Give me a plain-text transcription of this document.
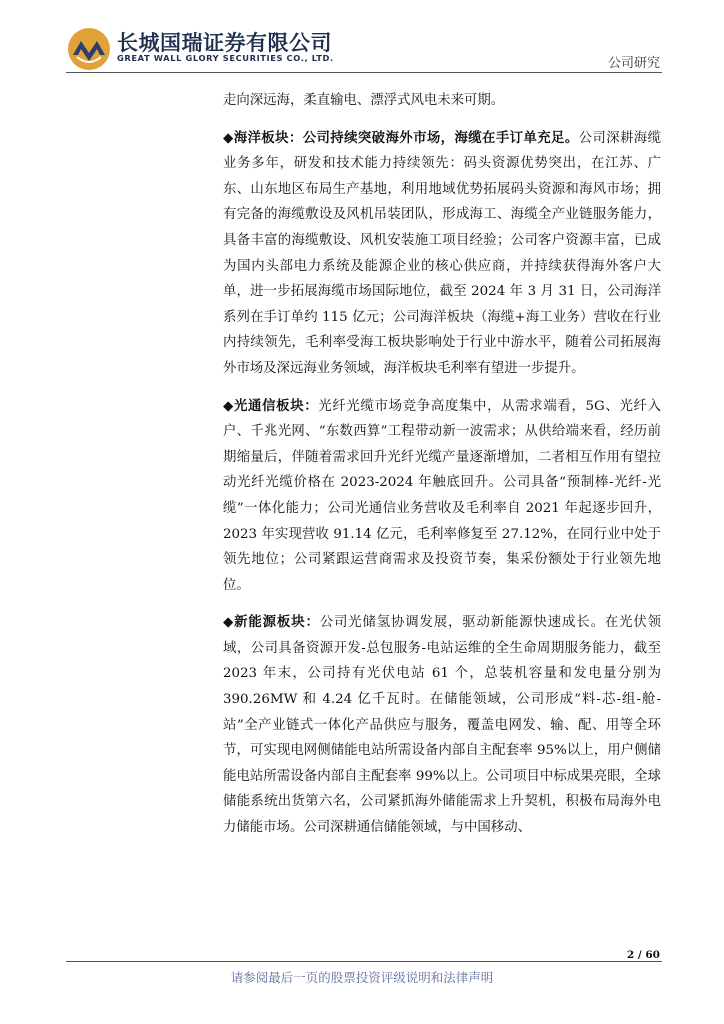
长城国瑞证券有限公司
GREAT WALL GLORY SECURITIES CO., LTD.	公司研究

走向深远海，柔直输电、漂浮式风电未来可期。

◆海洋板块：公司持续突破海外市场，海缆在手订单充足。公司深耕海缆业务多年，研发和技术能力持续领先：码头资源优势突出，在江苏、广东、山东地区布局生产基地，利用地域优势拓展码头资源和海风市场；拥有完备的海缆敷设及风机吊装团队，形成海工、海缆全产业链服务能力，具备丰富的海缆敷设、风机安装施工项目经验；公司客户资源丰富，已成为国内头部电力系统及能源企业的核心供应商，并持续获得海外客户大单，进一步拓展海缆市场国际地位，截至 2024 年 3 月 31 日，公司海洋系列在手订单约 115 亿元；公司海洋板块（海缆+海工业务）营收在行业内持续领先，毛利率受海工板块影响处于行业中游水平，随着公司拓展海外市场及深远海业务领域，海洋板块毛利率有望进一步提升。

◆光通信板块：光纤光缆市场竞争高度集中，从需求端看，5G、光纤入户、千兆光网、“东数西算”工程带动新一波需求；从供给端来看，经历前期缩量后，伴随着需求回升光纤光缆产量逐渐增加，二者相互作用有望拉动光纤光缆价格在 2023-2024 年触底回升。公司具备“预制棒-光纤-光缆”一体化能力；公司光通信业务营收及毛利率自 2021 年起逐步回升，2023 年实现营收 91.14 亿元，毛利率修复至 27.12%，在同行业中处于领先地位；公司紧跟运营商需求及投资节奏，集采份额处于行业领先地位。

◆新能源板块：公司光储氢协调发展，驱动新能源快速成长。在光伏领域，公司具备资源开发-总包服务-电站运维的全生命周期服务能力，截至 2023 年末，公司持有光伏电站 61 个，总装机容量和发电量分别为 390.26MW 和 4.24 亿千瓦时。在储能领域，公司形成“料-芯-组-舱-站”全产业链式一体化产品供应与服务，覆盖电网发、输、配、用等全环节，可实现电网侧储能电站所需设备内部自主配套率 95%以上，用户侧储能电站所需设备内部自主配套率 99%以上。公司项目中标成果亮眼，全球储能系统出货第六名，公司紧抓海外储能需求上升契机，积极布局海外电力储能市场。公司深耕通信储能领域，与中国移动、

2 / 60
请参阅最后一页的股票投资评级说明和法律声明
